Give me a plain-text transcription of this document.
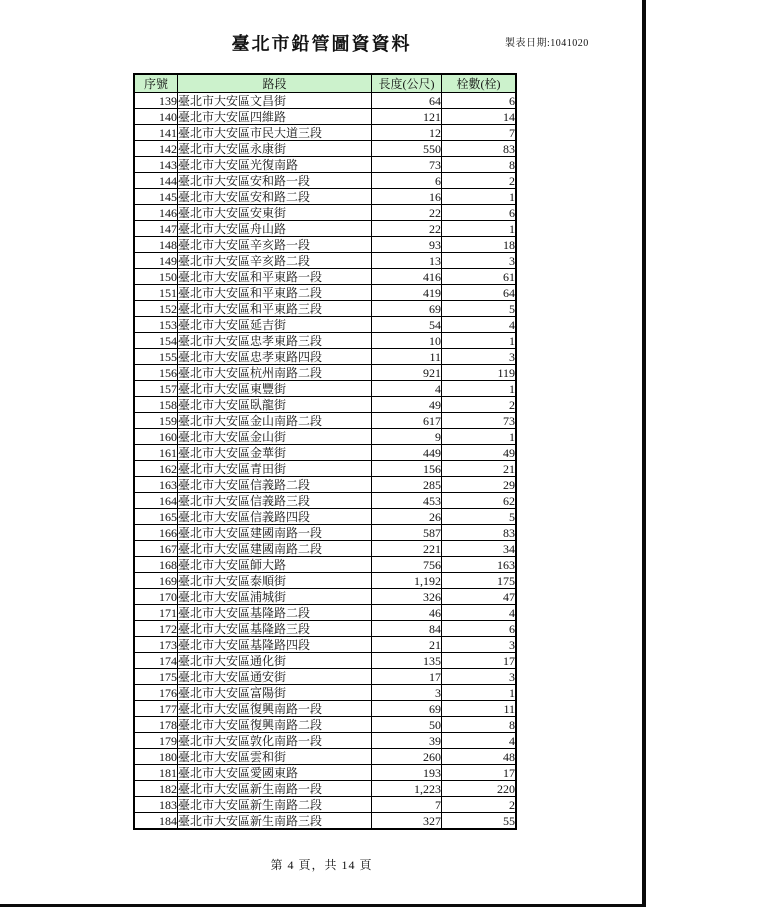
臺北市鉛管圖資資料	製表日期:1041020
序號	路段	長度(公尺)	栓數(栓)
139	臺北市大安區文昌街	64	6
140	臺北市大安區四維路	121	14
141	臺北市大安區市民大道三段	12	7
142	臺北市大安區永康街	550	83
143	臺北市大安區光復南路	73	8
144	臺北市大安區安和路一段	6	2
145	臺北市大安區安和路二段	16	1
146	臺北市大安區安東街	22	6
147	臺北市大安區舟山路	22	1
148	臺北市大安區辛亥路一段	93	18
149	臺北市大安區辛亥路二段	13	3
150	臺北市大安區和平東路一段	416	61
151	臺北市大安區和平東路二段	419	64
152	臺北市大安區和平東路三段	69	5
153	臺北市大安區延吉街	54	4
154	臺北市大安區忠孝東路三段	10	1
155	臺北市大安區忠孝東路四段	11	3
156	臺北市大安區杭州南路二段	921	119
157	臺北市大安區東豐街	4	1
158	臺北市大安區臥龍街	49	2
159	臺北市大安區金山南路二段	617	73
160	臺北市大安區金山街	9	1
161	臺北市大安區金華街	449	49
162	臺北市大安區青田街	156	21
163	臺北市大安區信義路二段	285	29
164	臺北市大安區信義路三段	453	62
165	臺北市大安區信義路四段	26	5
166	臺北市大安區建國南路一段	587	83
167	臺北市大安區建國南路二段	221	34
168	臺北市大安區師大路	756	163
169	臺北市大安區泰順街	1,192	175
170	臺北市大安區浦城街	326	47
171	臺北市大安區基隆路二段	46	4
172	臺北市大安區基隆路三段	84	6
173	臺北市大安區基隆路四段	21	3
174	臺北市大安區通化街	135	17
175	臺北市大安區通安街	17	3
176	臺北市大安區富陽街	3	1
177	臺北市大安區復興南路一段	69	11
178	臺北市大安區復興南路二段	50	8
179	臺北市大安區敦化南路一段	39	4
180	臺北市大安區雲和街	260	48
181	臺北市大安區愛國東路	193	17
182	臺北市大安區新生南路一段	1,223	220
183	臺北市大安區新生南路二段	7	2
184	臺北市大安區新生南路三段	327	55
第 4 頁，共 14 頁
